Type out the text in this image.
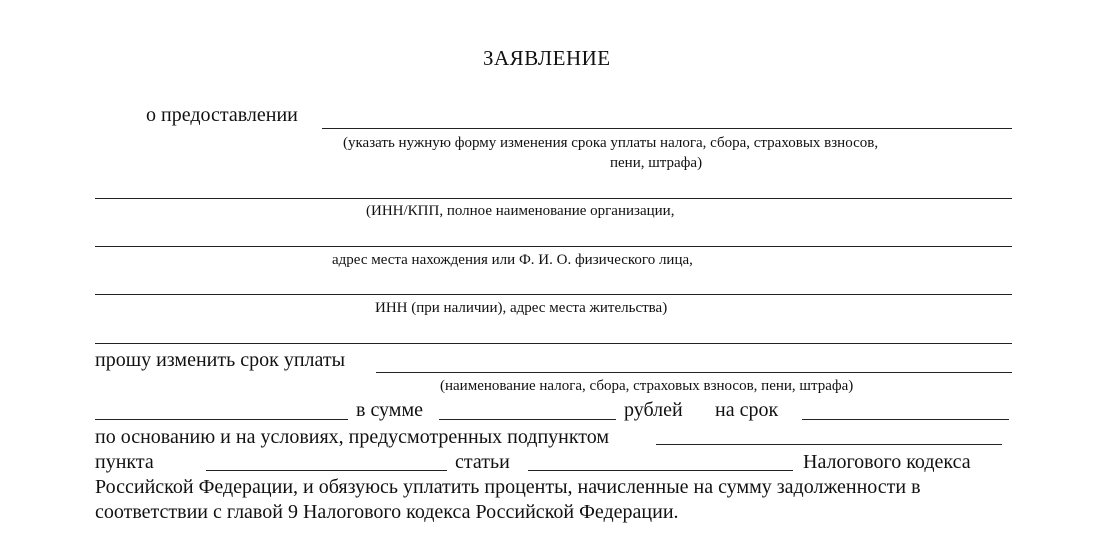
ЗАЯВЛЕНИЕ
о предоставлении
(указать нужную форму изменения срока уплаты налога, сбора, страховых взносов,
пени, штрафа)
(ИНН/КПП, полное наименование организации,
адрес места нахождения или Ф. И. О. физического лица,
ИНН (при наличии), адрес места жительства)
прошу изменить срок уплаты
(наименование налога, сбора, страховых взносов, пени, штрафа)
в сумме	рублей на срок
по основанию и на условиях, предусмотренных подпунктом
пункта	статьи	Налогового кодекса
Российской Федерации, и обязуюсь уплатить проценты, начисленные на сумму задолженности в
соответствии с главой 9 Налогового кодекса Российской Федерации.
